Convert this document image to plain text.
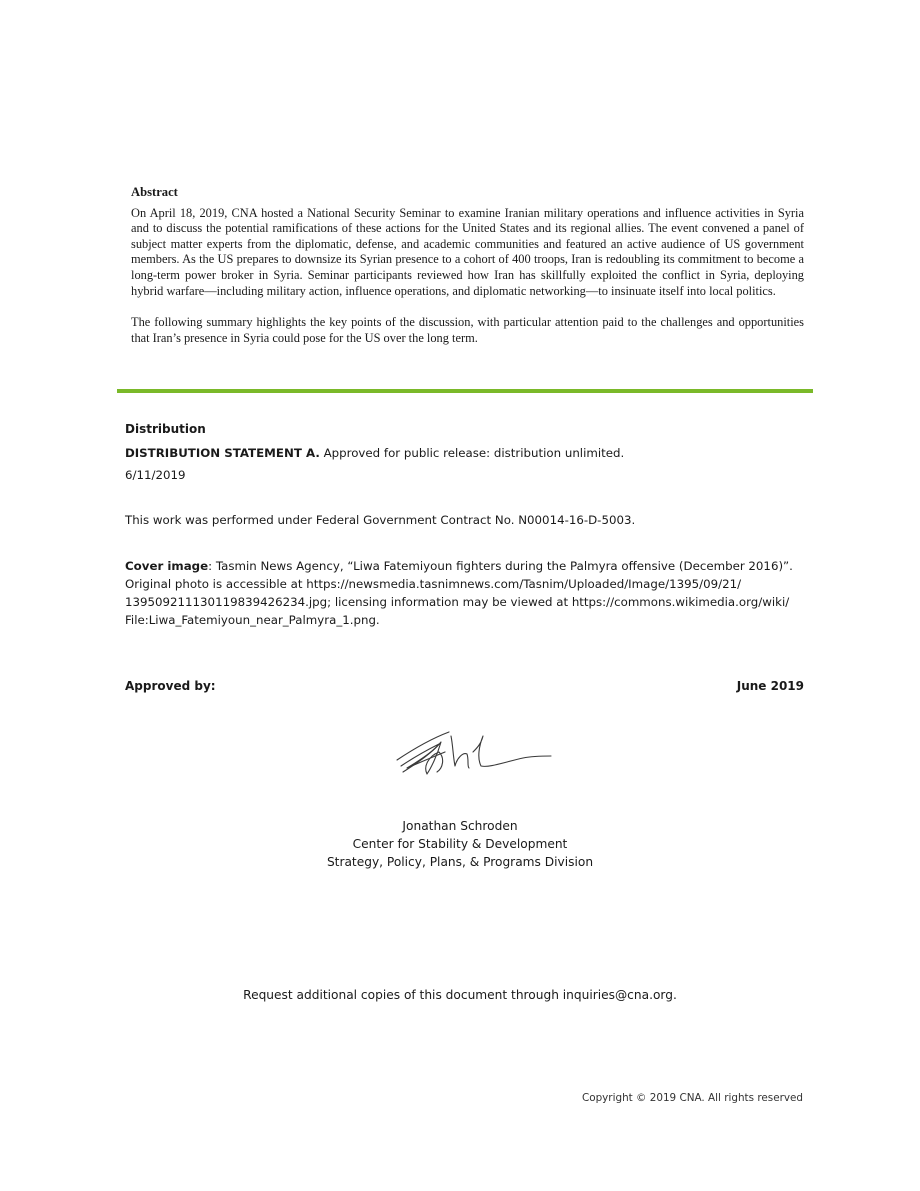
Abstract

On April 18, 2019, CNA hosted a National Security Seminar to examine Iranian military operations and influence activities in Syria and to discuss the potential ramifications of these actions for the United States and its regional allies. The event convened a panel of subject matter experts from the diplomatic, defense, and academic communities and featured an active audience of US government members. As the US prepares to downsize its Syrian presence to a cohort of 400 troops, Iran is redoubling its commitment to become a long-term power broker in Syria. Seminar participants reviewed how Iran has skillfully exploited the conflict in Syria, deploying hybrid warfare—including military action, influence operations, and diplomatic networking—to insinuate itself into local politics.

The following summary highlights the key points of the discussion, with particular attention paid to the challenges and opportunities that Iran’s presence in Syria could pose for the US over the long term.

Distribution
DISTRIBUTION STATEMENT A. Approved for public release: distribution unlimited.
6/11/2019
This work was performed under Federal Government Contract No. N00014-16-D-5003.
Cover image: Tasmin News Agency, “Liwa Fatemiyoun fighters during the Palmyra offensive (December 2016)”. Original photo is accessible at https://newsmedia.tasnimnews.com/Tasnim/Uploaded/Image/1395/09/21/ 139509211130119839426234.jpg; licensing information may be viewed at https://commons.wikimedia.org/wiki/ File:Liwa_Fatemiyoun_near_Palmyra_1.png.
Approved by:	June 2019
Jonathan Schroden
Center for Stability & Development
Strategy, Policy, Plans, & Programs Division
Request additional copies of this document through inquiries@cna.org.
Copyright © 2019 CNA. All rights reserved
